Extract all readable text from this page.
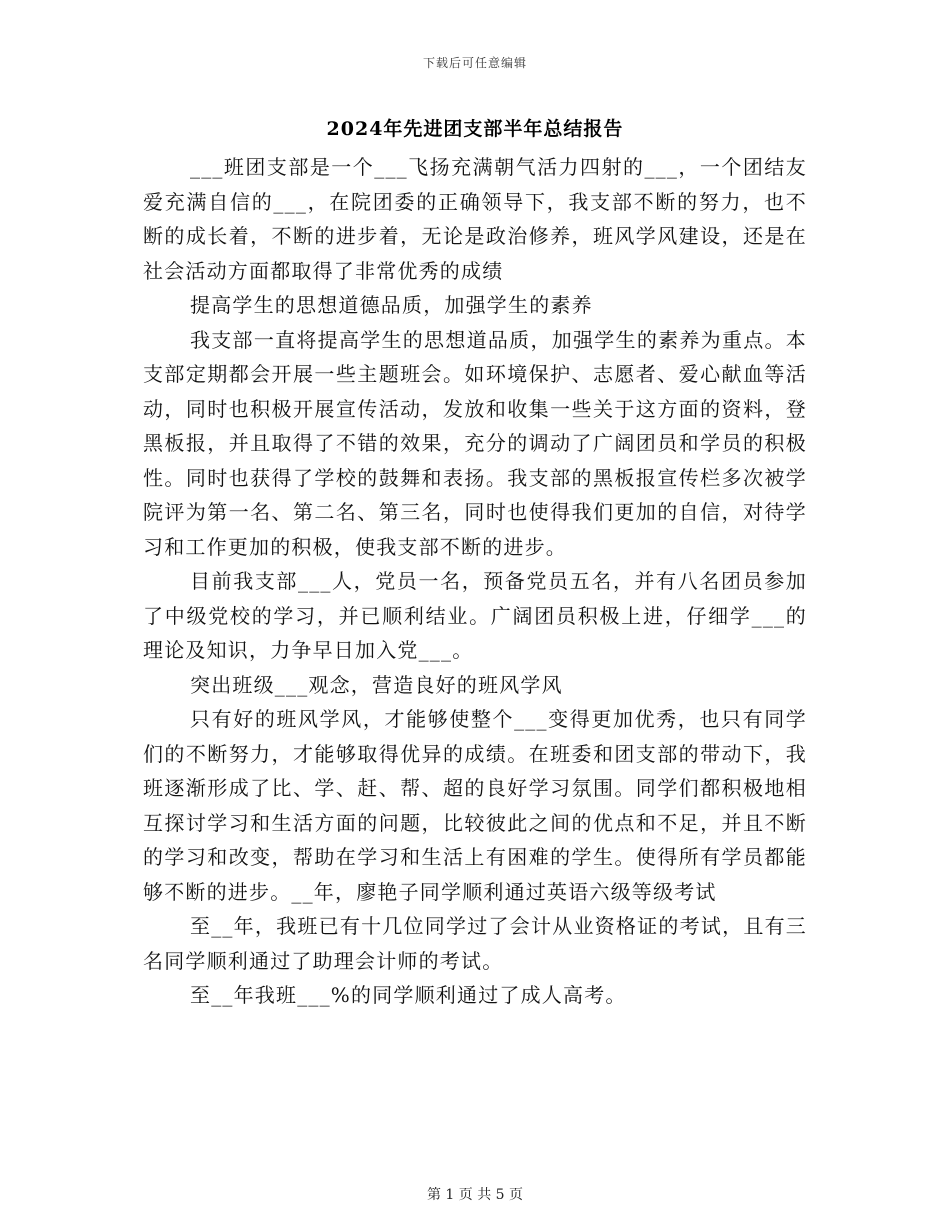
下载后可任意编辑
2024年先进团支部半年总结报告

___班团支部是一个___飞扬充满朝气活力四射的___，一个团结友爱充满自信的___，在院团委的正确领导下，我支部不断的努力，也不断的成长着，不断的进步着，无论是政治修养，班风学风建设，还是在社会活动方面都取得了非常优秀的成绩

提高学生的思想道德品质，加强学生的素养

我支部一直将提高学生的思想道品质，加强学生的素养为重点。本支部定期都会开展一些主题班会。如环境保护、志愿者、爱心献血等活动，同时也积极开展宣传活动，发放和收集一些关于这方面的资料，登黑板报，并且取得了不错的效果，充分的调动了广阔团员和学员的积极性。同时也获得了学校的鼓舞和表扬。我支部的黑板报宣传栏多次被学院评为第一名、第二名、第三名，同时也使得我们更加的自信，对待学习和工作更加的积极，使我支部不断的进步。

目前我支部___人，党员一名，预备党员五名，并有八名团员参加了中级党校的学习，并已顺利结业。广阔团员积极上进，仔细学___的理论及知识，力争早日加入党___。

突出班级___观念，营造良好的班风学风

只有好的班风学风，才能够使整个___变得更加优秀，也只有同学们的不断努力，才能够取得优异的成绩。在班委和团支部的带动下，我班逐渐形成了比、学、赶、帮、超的良好学习氛围。同学们都积极地相互探讨学习和生活方面的问题，比较彼此之间的优点和不足，并且不断的学习和改变，帮助在学习和生活上有困难的学生。使得所有学员都能够不断的进步。__年，廖艳子同学顺利通过英语六级等级考试

至__年，我班已有十几位同学过了会计从业资格证的考试，且有三名同学顺利通过了助理会计师的考试。

至__年我班___%的同学顺利通过了成人高考。

第 1 页 共 5 页
